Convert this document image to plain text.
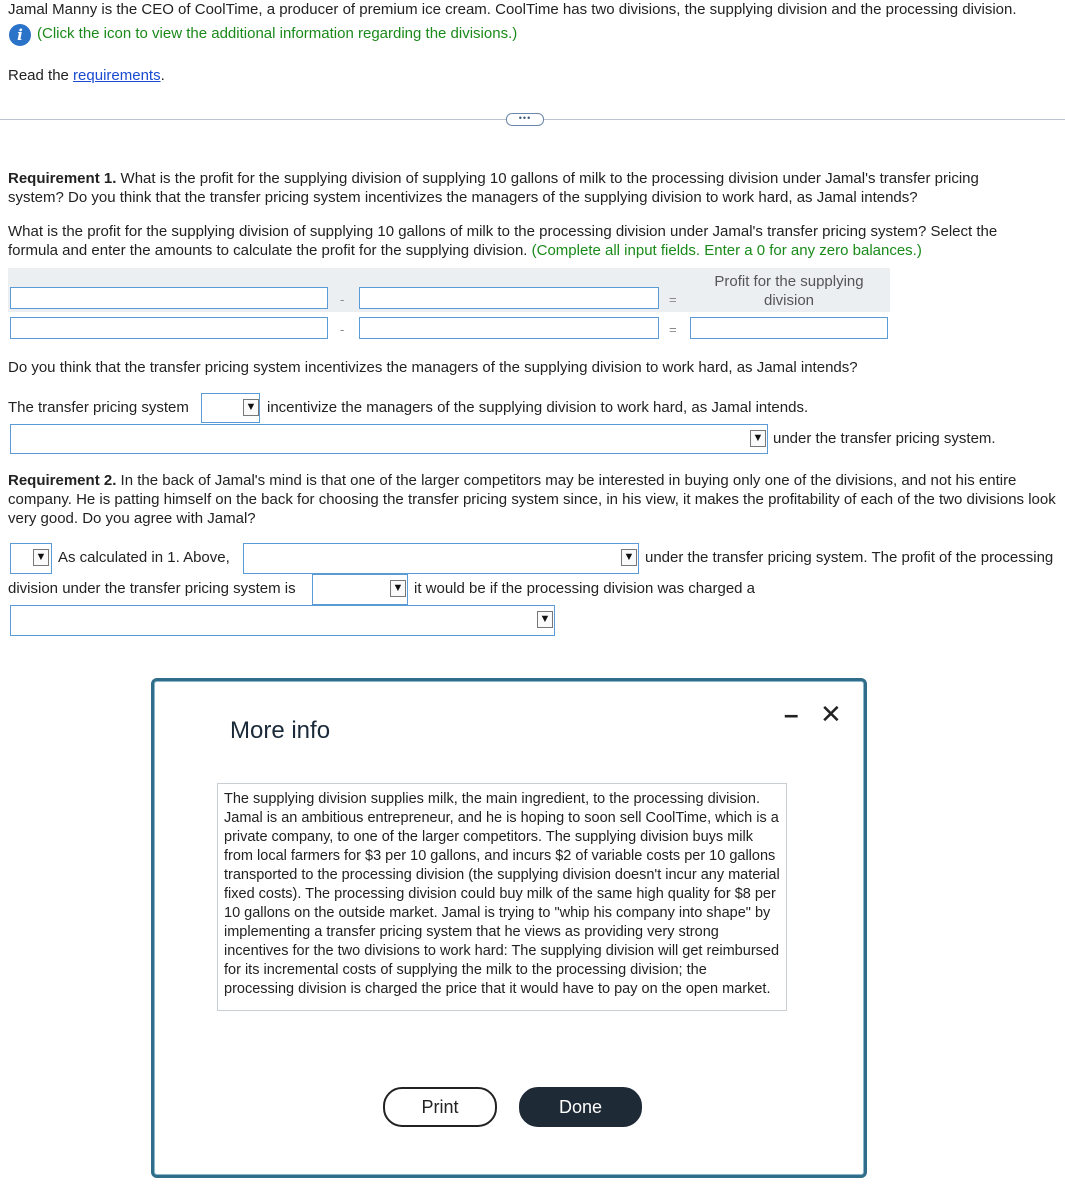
Jamal Manny is the CEO of CoolTime, a producer of premium ice cream. CoolTime has two divisions, the supplying division and the processing division.
i (Click the icon to view the additional information regarding the divisions.)
Read the requirements.
•••
Requirement 1. What is the profit for the supplying division of supplying 10 gallons of milk to the processing division under Jamal's transfer pricing system? Do you think that the transfer pricing system incentivizes the managers of the supplying division to work hard, as Jamal intends?
What is the profit for the supplying division of supplying 10 gallons of milk to the processing division under Jamal's transfer pricing system? Select the formula and enter the amounts to calculate the profit for the supplying division. (Complete all input fields. Enter a 0 for any zero balances.)
Profit for the supplying division
-	=
-	=
Do you think that the transfer pricing system incentivizes the managers of the supplying division to work hard, as Jamal intends?
The transfer pricing system	▼ incentivize the managers of the supplying division to work hard, as Jamal intends.
▼ under the transfer pricing system.
Requirement 2. In the back of Jamal's mind is that one of the larger competitors may be interested in buying only one of the divisions, and not his entire company. He is patting himself on the back for choosing the transfer pricing system since, in his view, it makes the profitability of each of the two divisions look very good. Do you agree with Jamal?
▼ As calculated in 1. Above,	▼ under the transfer pricing system. The profit of the processing
division under the transfer pricing system is	▼ it would be if the processing division was charged a
▼
More info
– ✕
The supplying division supplies milk, the main ingredient, to the processing division. Jamal is an ambitious entrepreneur, and he is hoping to soon sell CoolTime, which is a private company, to one of the larger competitors. The supplying division buys milk from local farmers for $3 per 10 gallons, and incurs $2 of variable costs per 10 gallons transported to the processing division (the supplying division doesn't incur any material fixed costs). The processing division could buy milk of the same high quality for $8 per 10 gallons on the outside market. Jamal is trying to "whip his company into shape" by implementing a transfer pricing system that he views as providing very strong incentives for the two divisions to work hard: The supplying division will get reimbursed for its incremental costs of supplying the milk to the processing division; the processing division is charged the price that it would have to pay on the open market.
Print	Done
